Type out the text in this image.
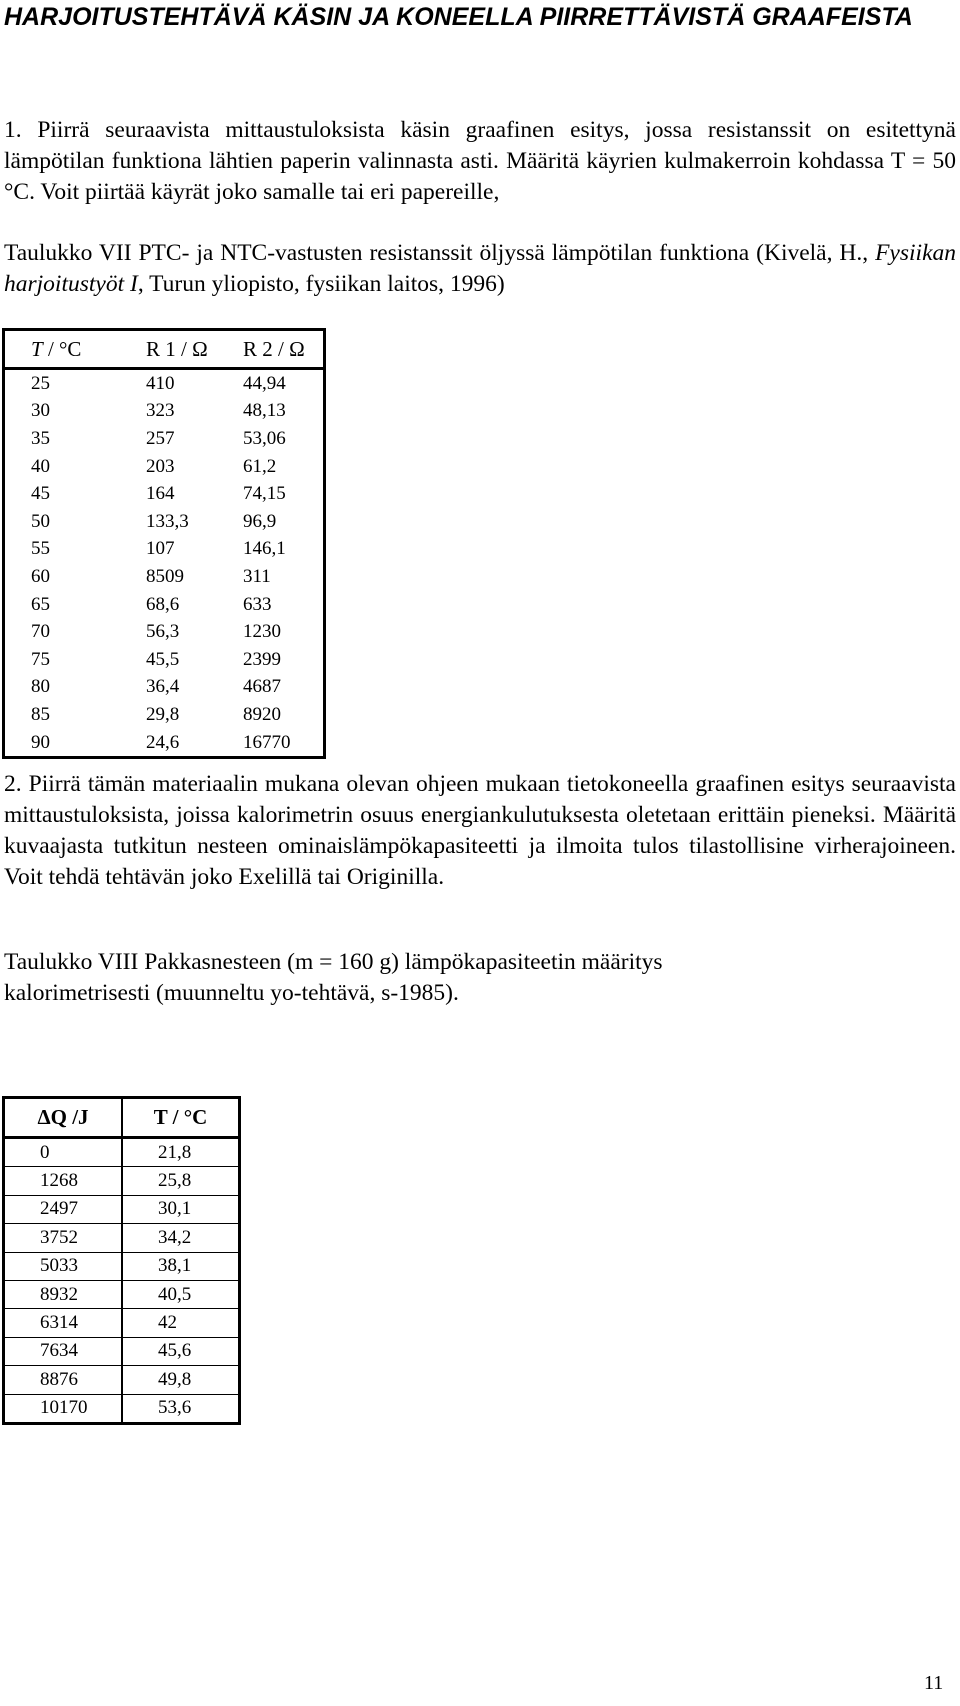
HARJOITUSTEHTÄVÄ KÄSIN JA KONEELLA PIIRRETTÄVISTÄ GRAAFEISTA
1. Piirrä seuraavista mittaustuloksista käsin graafinen esitys, jossa resistanssit on esitettynä lämpötilan funktiona lähtien paperin valinnasta asti. Määritä käyrien kulmakerroin kohdassa T = 50 °C. Voit piirtää käyrät joko samalle tai eri papereille,
Taulukko VII PTC- ja NTC-vastusten resistanssit öljyssä lämpötilan funktiona (Kivelä, H., Fysiikan harjoitustyöt I, Turun yliopisto, fysiikan laitos, 1996)
T / °C	R 1 / Ω	R 2 / Ω
25	410	44,94
30	323	48,13
35	257	53,06
40	203	61,2
45	164	74,15
50	133,3	96,9
55	107	146,1
60	8509	311
65	68,6	633
70	56,3	1230
75	45,5	2399
80	36,4	4687
85	29,8	8920
90	24,6	16770
2. Piirrä tämän materiaalin mukana olevan ohjeen mukaan tietokoneella graafinen esitys seuraavista mittaustuloksista, joissa kalorimetrin osuus energiankulutuksesta oletetaan erittäin pieneksi. Määritä kuvaajasta tutkitun nesteen ominaislämpökapasiteetti ja ilmoita tulos tilastollisine virherajoineen. Voit tehdä tehtävän joko Exelillä tai Originilla.
Taulukko VIII Pakkasnesteen (m = 160 g) lämpökapasiteetin määritys
kalorimetrisesti (muunneltu yo-tehtävä, s-1985).
ΔQ /J	T / °C
0	21,8
1268	25,8
2497	30,1
3752	34,2
5033	38,1
8932	40,5
6314	42
7634	45,6
8876	49,8
10170	53,6
11
